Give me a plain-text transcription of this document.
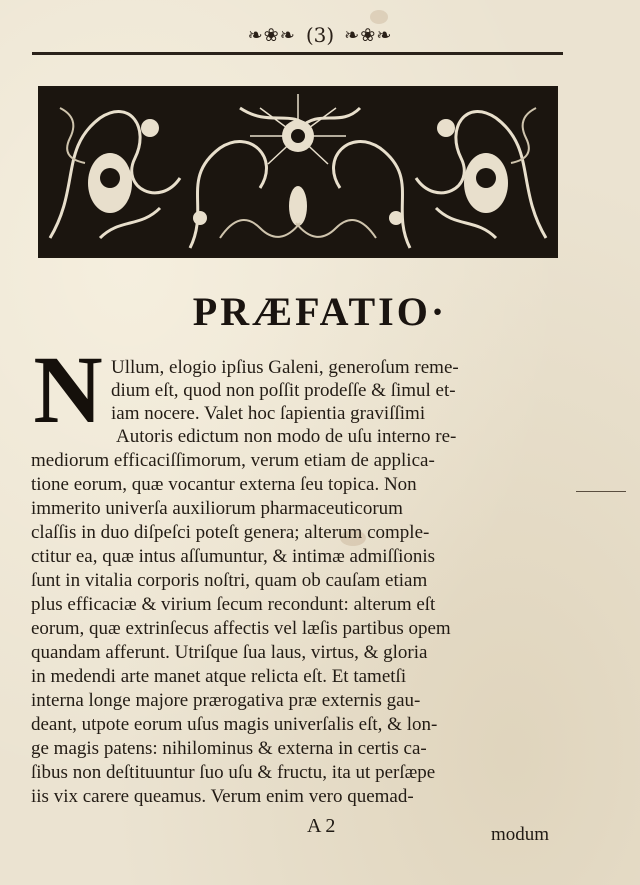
❧❀❧ (3) ❧❀❧
PRÆFATIO·
N Ullum, elogio ipſius Galeni, generoſum reme-
dium eſt, quod non poſſit prodeſſe & ſimul et-
iam nocere. Valet hoc ſapientia graviſſimi
Autoris edictum non modo de uſu interno re-
mediorum efficaciſſimorum, verum etiam de applica-
tione eorum, quæ vocantur externa ſeu topica. Non
immerito univerſa auxiliorum pharmaceuticorum
claſſis in duo diſpeſci poteſt genera; alterum comple-
ctitur ea, quæ intus aſſumuntur, & intimæ admiſſionis
ſunt in vitalia corporis noſtri, quam ob cauſam etiam
plus efficaciæ & virium ſecum recondunt: alterum eſt
eorum, quæ extrinſecus affectis vel læſis partibus opem
quandam afferunt. Utriſque ſua laus, virtus, & gloria
in medendi arte manet atque relicta eſt. Et tametſi
interna longe majore prærogativa præ externis gau-
deant, utpote eorum uſus magis univerſalis eſt, & lon-
ge magis patens: nihilominus & externa in certis ca-
ſibus non deſtituuntur ſuo uſu & fructu, ita ut perſæpe
iis vix carere queamus. Verum enim vero quemad-
A 2	modum
